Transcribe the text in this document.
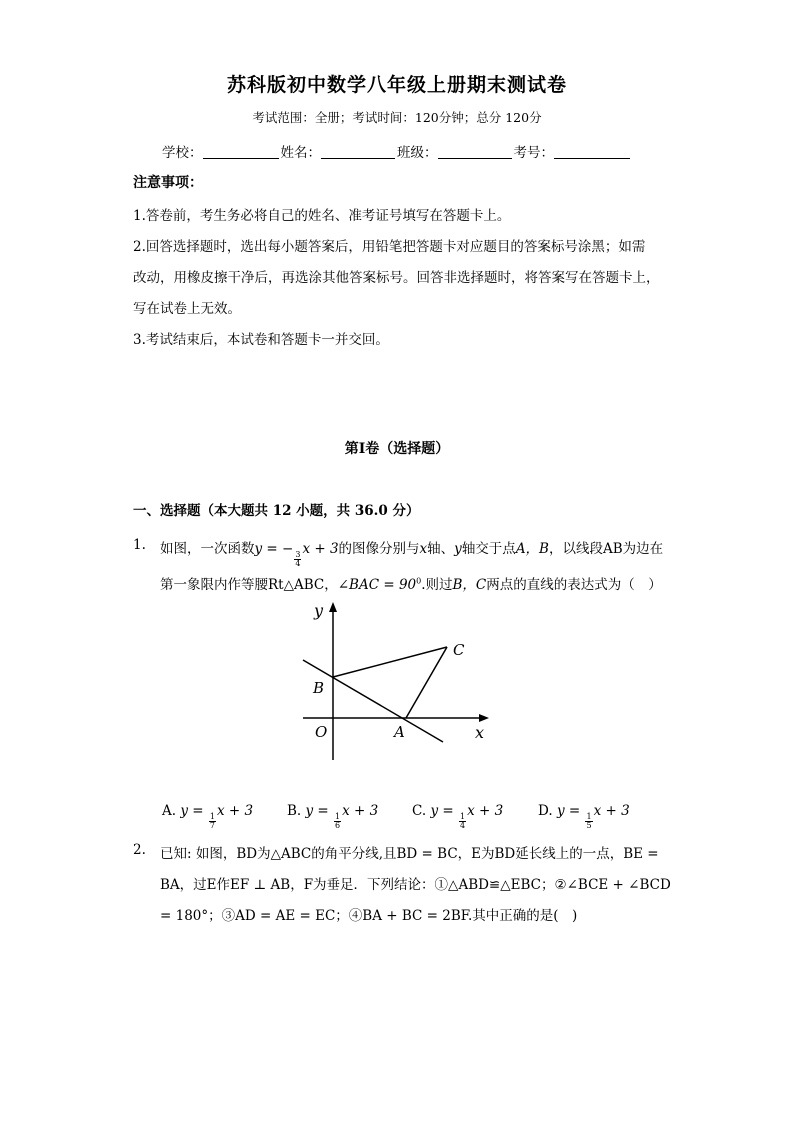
苏科版初中数学八年级上册期末测试卷
考试范围：全册；考试时间：120分钟；总分 120分
学校：	姓名：	班级：	考号：
注意事项：
1.答卷前，考生务必将自己的姓名、准考证号填写在答题卡上。
2.回答选择题时，选出每小题答案后，用铅笔把答题卡对应题目的答案标号涂黑；如需
改动，用橡皮擦干净后，再选涂其他答案标号。回答非选择题时，将答案写在答题卡上，
写在试卷上无效。
3.考试结束后，本试卷和答题卡一并交回。
第Ⅰ卷（选择题）
一、选择题（本大题共 12 小题，共 36.0 分）
1. 如图，一次函数y = −
$\frac{3}{4}$
x + 3的图像分别与x轴、y轴交于点A，B，以线段AB为边在
第一象限内作等腰Rt△ABC，∠BAC = $90^0$.则过B，C两点的直线的表达式为（　）
y
x
O	A
B
C
A. y =
$\frac{1}{7}$
x + 3	B. y =
$\frac{1}{6}$
x + 3	C. y =
$\frac{1}{4}$
x + 3	D. y =
$\frac{1}{5}$
x + 3
2. 已知: 如图，BD为△ABC的角平分线,且BD = BC，E为BD延长线上的一点，BE =
BA，过E作EF ⊥ AB，F为垂足．下列结论：①△ABD≌△EBC；②∠BCE + ∠BCD
= 180°；③AD = AE = EC；④BA + BC = 2BF.其中正确的是(　)
